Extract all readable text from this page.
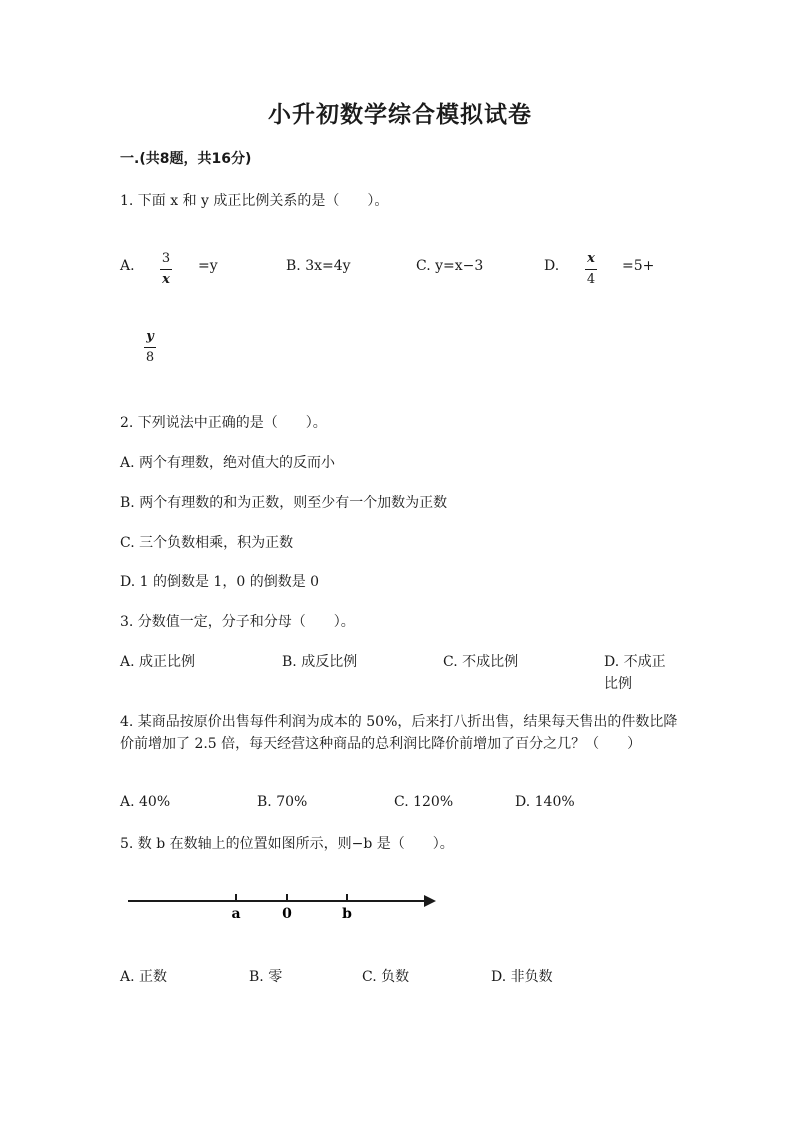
小升初数学综合模拟试卷
一.(共8题，共16分)
1. 下面 x 和 y 成正比例关系的是（　　）。
A. 3
x
=y	B. 3x=4y	C. y=x−3	D. x
4
=5+
y
8
2. 下列说法中正确的是（　　）。
A. 两个有理数，绝对值大的反而小
B. 两个有理数的和为正数，则至少有一个加数为正数
C. 三个负数相乘，积为正数
D. 1 的倒数是 1，0 的倒数是 0
3. 分数值一定，分子和分母（　　）。
A. 成正比例	B. 成反比例	C. 不成比例	D. 不成正比例
4. 某商品按原价出售每件利润为成本的 50%，后来打八折出售，结果每天售出的件数比降价前增加了 2.5 倍，每天经营这种商品的总利润比降价前增加了百分之几？（　　）
A. 40%	B. 70%	C. 120%	D. 140%
5. 数 b 在数轴上的位置如图所示，则−b 是（　　）。
a	0	b
A. 正数	B. 零	C. 负数	D. 非负数
